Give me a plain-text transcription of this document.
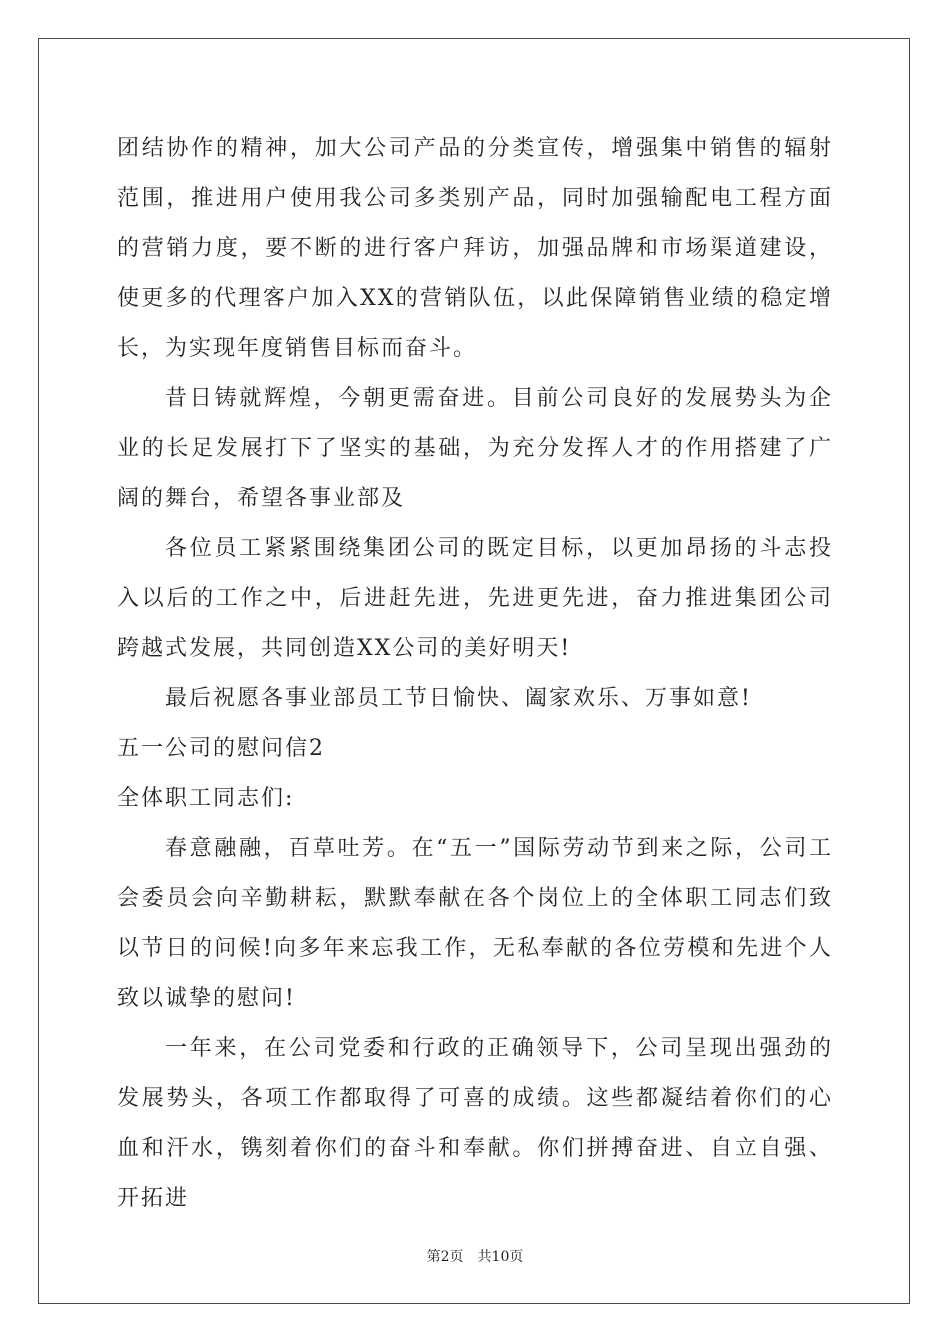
团结协作的精神，加大公司产品的分类宣传，增强集中销售的辐射范围，推进用户使用我公司多类别产品，同时加强输配电工程方面的营销力度，要不断的进行客户拜访，加强品牌和市场渠道建设，使更多的代理客户加入XX的营销队伍，以此保障销售业绩的稳定增长，为实现年度销售目标而奋斗。

昔日铸就辉煌，今朝更需奋进。目前公司良好的发展势头为企业的长足发展打下了坚实的基础，为充分发挥人才的作用搭建了广阔的舞台，希望各事业部及

各位员工紧紧围绕集团公司的既定目标，以更加昂扬的斗志投入以后的工作之中，后进赶先进，先进更先进，奋力推进集团公司跨越式发展，共同创造XX公司的美好明天!

最后祝愿各事业部员工节日愉快、阖家欢乐、万事如意!

五一公司的慰问信2

全体职工同志们:

春意融融，百草吐芳。在“五一”国际劳动节到来之际，公司工会委员会向辛勤耕耘，默默奉献在各个岗位上的全体职工同志们致以节日的问候!向多年来忘我工作，无私奉献的各位劳模和先进个人致以诚挚的慰问!

一年来，在公司党委和行政的正确领导下，公司呈现出强劲的发展势头，各项工作都取得了可喜的成绩。这些都凝结着你们的心血和汗水，镌刻着你们的奋斗和奉献。你们拼搏奋进、自立自强、开拓进

第2页 共10页
